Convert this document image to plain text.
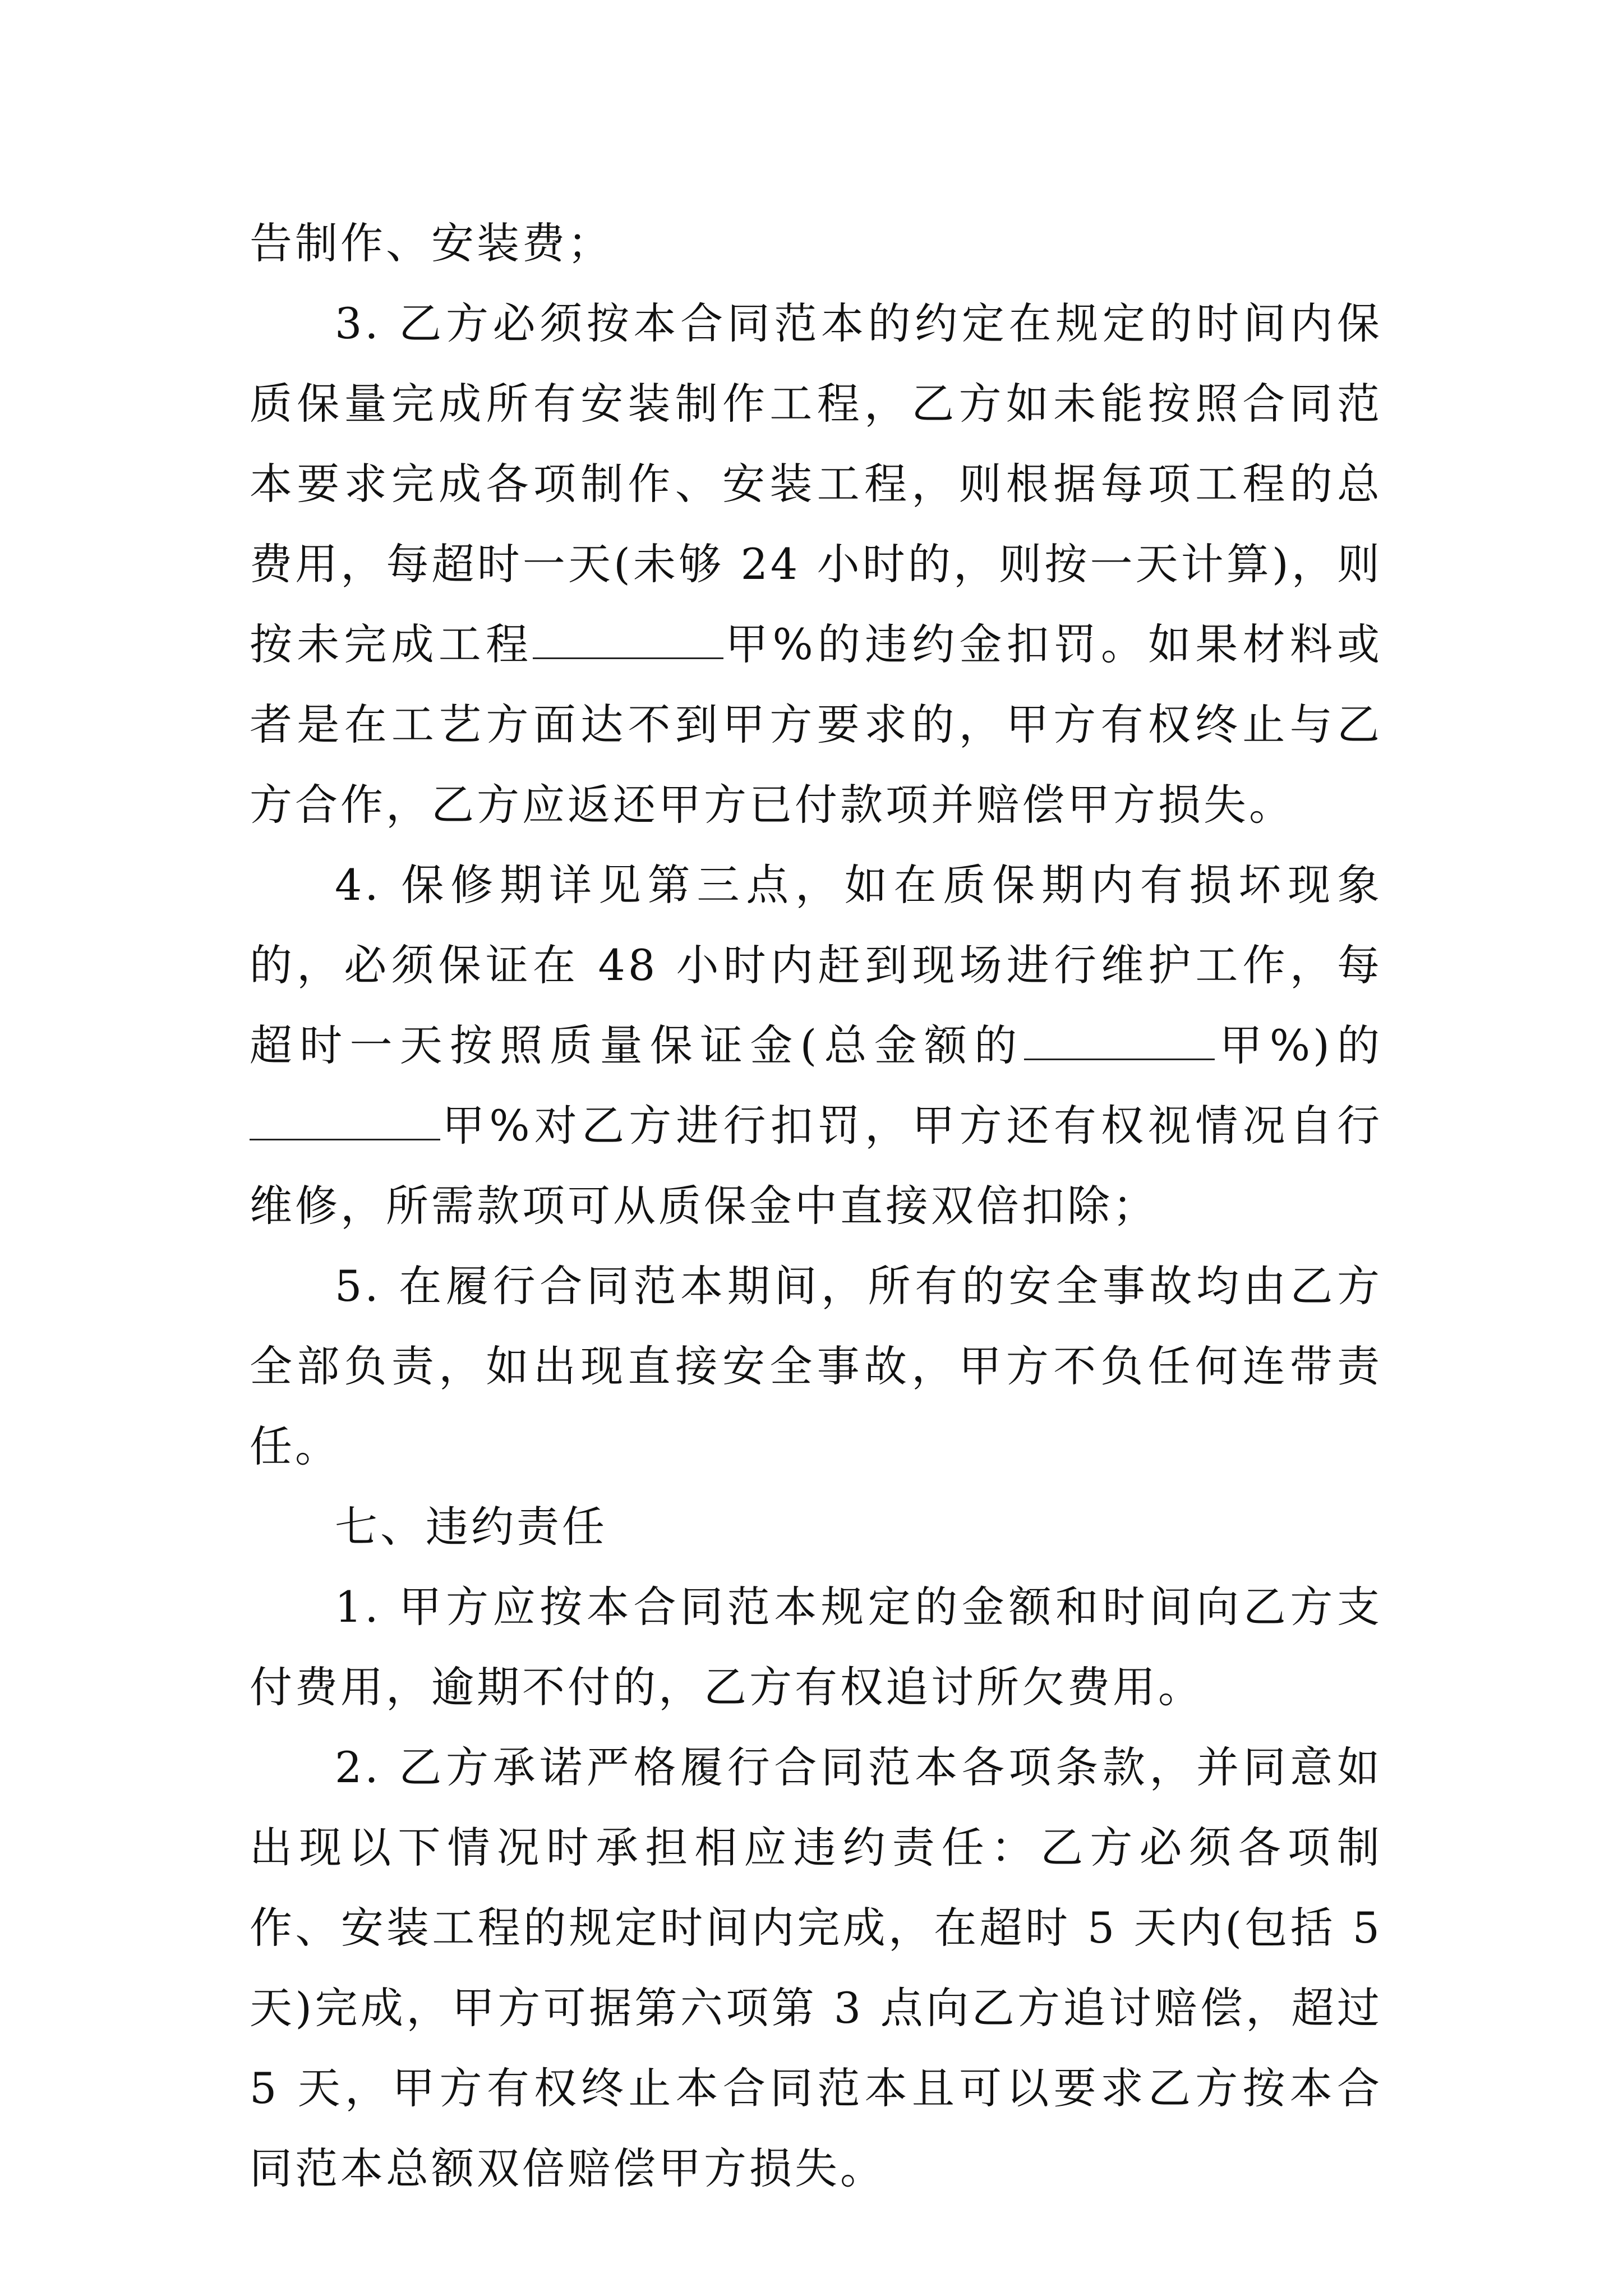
告制作、安装费；

3. 乙方必须按本合同范本的约定在规定的时间内保质保量完成所有安装制作工程，乙方如未能按照合同范本要求完成各项制作、安装工程，则根据每项工程的总费用，每超时一天(未够 24 小时的，则按一天计算)，则按未完成工程	甲%的违约金扣罚。如果材料或者是在工艺方面达不到甲方要求的，甲方有权终止与乙方合作，乙方应返还甲方已付款项并赔偿甲方损失。

4. 保修期详见第三点，如在质保期内有损坏现象的，必须保证在 48 小时内赶到现场进行维护工作，每超时一天按照质量保证金(总金额的	甲%)的甲%对乙方进行扣罚，甲方还有权视情况自行维修，所需款项可从质保金中直接双倍扣除；

5. 在履行合同范本期间，所有的安全事故均由乙方全部负责，如出现直接安全事故，甲方不负任何连带责任。

七、违约责任

1. 甲方应按本合同范本规定的金额和时间向乙方支付费用，逾期不付的，乙方有权追讨所欠费用。

2. 乙方承诺严格履行合同范本各项条款，并同意如出现以下情况时承担相应违约责任：乙方必须各项制作、安装工程的规定时间内完成，在超时 5 天内(包括 5 天)完成，甲方可据第六项第 3 点向乙方追讨赔偿，超过 5 天，甲方有权终止本合同范本且可以要求乙方按本合同范本总额双倍赔偿甲方损失。
